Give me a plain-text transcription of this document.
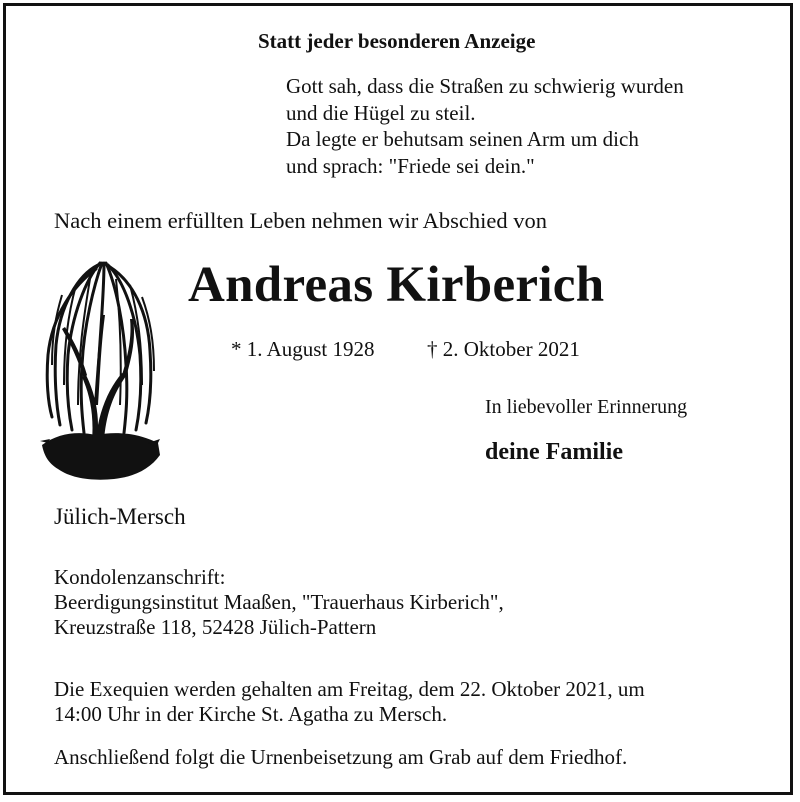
Statt jeder besonderen Anzeige
Gott sah, dass die Straßen zu schwierig wurden
und die Hügel zu steil.
Da legte er behutsam seinen Arm um dich
und sprach: "Friede sei dein."
Nach einem erfüllten Leben nehmen wir Abschied von
Andreas Kirberich
* 1. August 1928 † 2. Oktober 2021
In liebevoller Erinnerung
deine Familie
Jülich-Mersch
Kondolenzanschrift:
Beerdigungsinstitut Maaßen, "Trauerhaus Kirberich",
Kreuzstraße 118, 52428 Jülich-Pattern
Die Exequien werden gehalten am Freitag, dem 22. Oktober 2021, um
14:00 Uhr in der Kirche St. Agatha zu Mersch.
Anschließend folgt die Urnenbeisetzung am Grab auf dem Friedhof.
